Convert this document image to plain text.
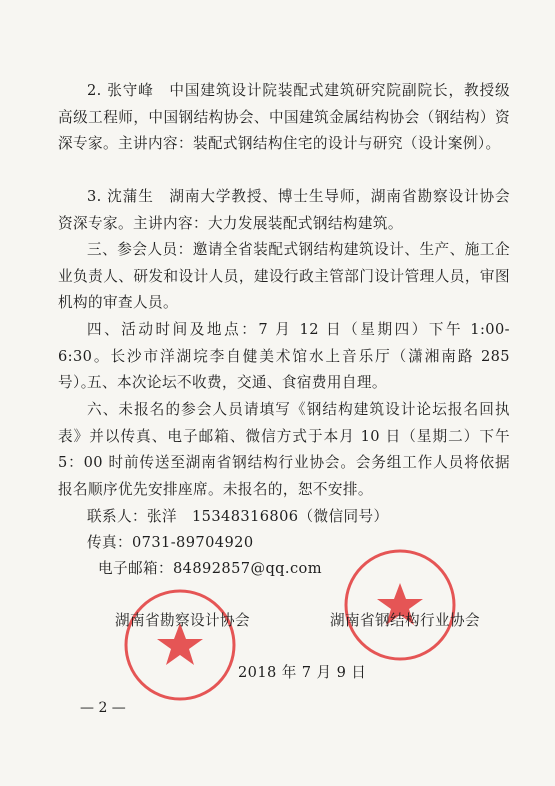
2. 张守峰　中国建筑设计院装配式建筑研究院副院长，教授级高级工程师，中国钢结构协会、中国建筑金属结构协会（钢结构）资深专家。主讲内容：装配式钢结构住宅的设计与研究（设计案例）。

3. 沈蒲生　湖南大学教授、博士生导师，湖南省勘察设计协会资深专家。主讲内容：大力发展装配式钢结构建筑。

三、参会人员：邀请全省装配式钢结构建筑设计、生产、施工企业负责人、研发和设计人员，建设行政主管部门设计管理人员，审图机构的审查人员。

四、活动时间及地点：7 月 12 日（星期四）下午 1:00-6:30。长沙市洋湖垸李自健美术馆水上音乐厅（潇湘南路 285 号）。

五、本次论坛不收费，交通、食宿费用自理。

六、未报名的参会人员请填写《钢结构建筑设计论坛报名回执表》并以传真、电子邮箱、微信方式于本月 10 日（星期二）下午 5：00 时前传送至湖南省钢结构行业协会。会务组工作人员将依据报名顺序优先安排座席。未报名的，恕不安排。

联系人：张洋　15348316806（微信同号）
传真：0731-89704920
电子邮箱：84892857@qq.com
湖南省勘察设计协会	湖南省钢结构行业协会
2018 年 7 月 9 日
— 2 —
